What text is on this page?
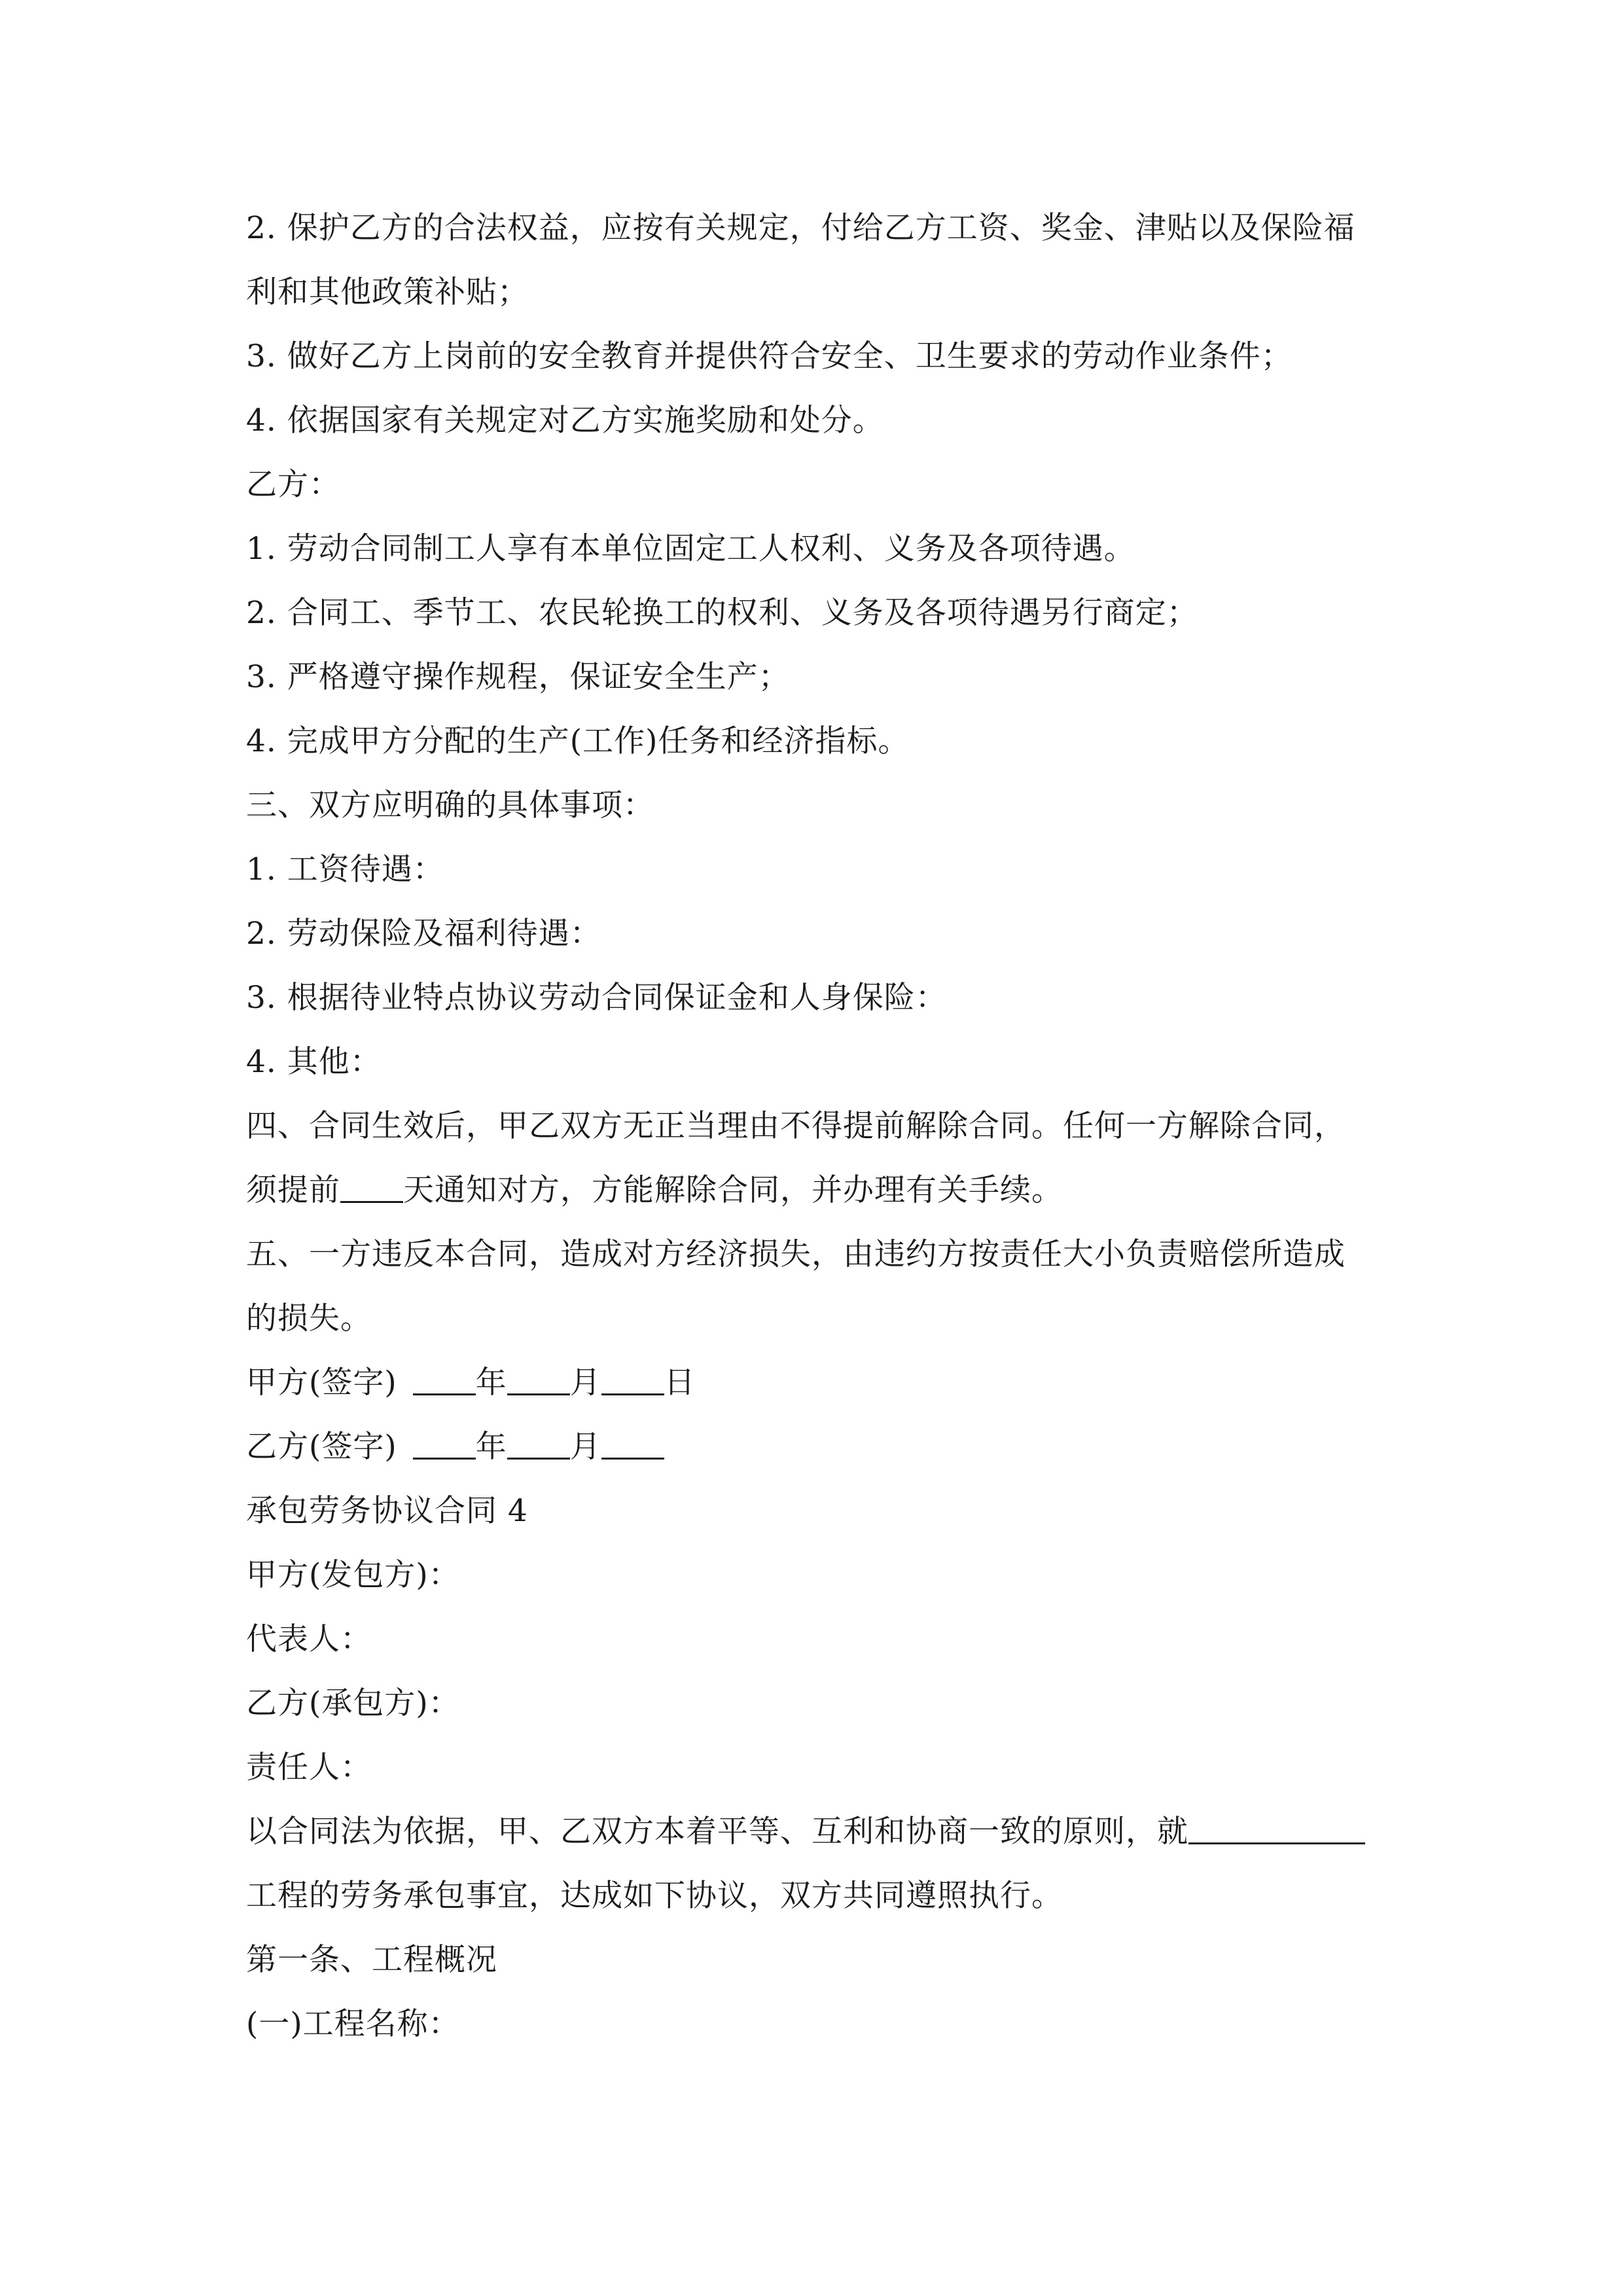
2. 保护乙方的合法权益，应按有关规定，付给乙方工资、奖金、津贴以及保险福
利和其他政策补贴；
3. 做好乙方上岗前的安全教育并提供符合安全、卫生要求的劳动作业条件；
4. 依据国家有关规定对乙方实施奖励和处分。
乙方：
1. 劳动合同制工人享有本单位固定工人权利、义务及各项待遇。
2. 合同工、季节工、农民轮换工的权利、义务及各项待遇另行商定；
3. 严格遵守操作规程，保证安全生产；
4. 完成甲方分配的生产(工作)任务和经济指标。
三、双方应明确的具体事项：
1. 工资待遇：
2. 劳动保险及福利待遇：
3. 根据待业特点协议劳动合同保证金和人身保险：
4. 其他：
四、合同生效后，甲乙双方无正当理由不得提前解除合同。任何一方解除合同，
须提前 天通知对方，方能解除合同，并办理有关手续。
五、一方违反本合同，造成对方经济损失，由违约方按责任大小负责赔偿所造成
的损失。
甲方(签字)	年 月 日
乙方(签字)	年 月
承包劳务协议合同 4
甲方(发包方)：
代表人：
乙方(承包方)：
责任人：
以合同法为依据，甲、乙双方本着平等、互利和协商一致的原则，就
工程的劳务承包事宜，达成如下协议，双方共同遵照执行。
第一条、工程概况
(一)工程名称：
